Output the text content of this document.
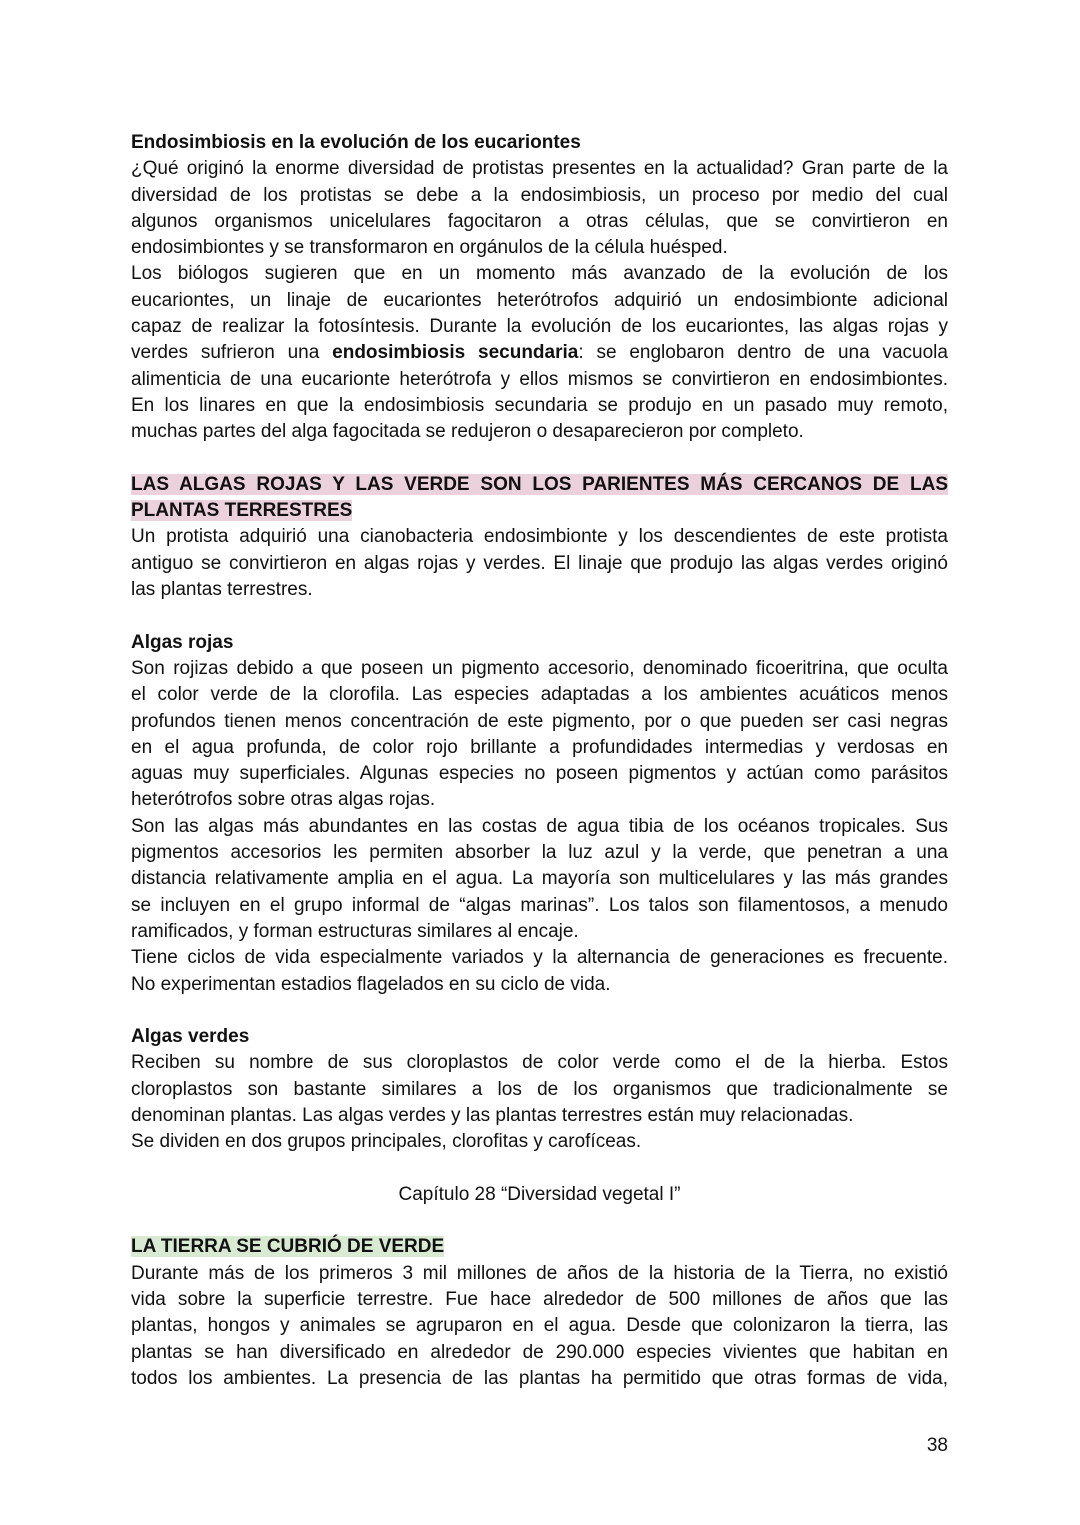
Endosimbiosis en la evolución de los eucariontes
¿Qué originó la enorme diversidad de protistas presentes en la actualidad? Gran parte de la
diversidad de los protistas se debe a la endosimbiosis, un proceso por medio del cual
algunos organismos unicelulares fagocitaron a otras células, que se convirtieron en
endosimbiontes y se transformaron en orgánulos de la célula huésped.
Los biólogos sugieren que en un momento más avanzado de la evolución de los
eucariontes, un linaje de eucariontes heterótrofos adquirió un endosimbionte adicional
capaz de realizar la fotosíntesis. Durante la evolución de los eucariontes, las algas rojas y
verdes sufrieron una endosimbiosis secundaria: se englobaron dentro de una vacuola
alimenticia de una eucarionte heterótrofa y ellos mismos se convirtieron en endosimbiontes.
En los linares en que la endosimbiosis secundaria se produjo en un pasado muy remoto,
muchas partes del alga fagocitada se redujeron o desaparecieron por completo.
LAS ALGAS ROJAS Y LAS VERDE SON LOS PARIENTES MÁS CERCANOS DE LAS
PLANTAS TERRESTRES
Un protista adquirió una cianobacteria endosimbionte y los descendientes de este protista
antiguo se convirtieron en algas rojas y verdes. El linaje que produjo las algas verdes originó
las plantas terrestres.
Algas rojas
Son rojizas debido a que poseen un pigmento accesorio, denominado ficoeritrina, que oculta
el color verde de la clorofila. Las especies adaptadas a los ambientes acuáticos menos
profundos tienen menos concentración de este pigmento, por o que pueden ser casi negras
en el agua profunda, de color rojo brillante a profundidades intermedias y verdosas en
aguas muy superficiales. Algunas especies no poseen pigmentos y actúan como parásitos
heterótrofos sobre otras algas rojas.
Son las algas más abundantes en las costas de agua tibia de los océanos tropicales. Sus
pigmentos accesorios les permiten absorber la luz azul y la verde, que penetran a una
distancia relativamente amplia en el agua. La mayoría son multicelulares y las más grandes
se incluyen en el grupo informal de “algas marinas”. Los talos son filamentosos, a menudo
ramificados, y forman estructuras similares al encaje.
Tiene ciclos de vida especialmente variados y la alternancia de generaciones es frecuente.
No experimentan estadios flagelados en su ciclo de vida.
Algas verdes
Reciben su nombre de sus cloroplastos de color verde como el de la hierba. Estos
cloroplastos son bastante similares a los de los organismos que tradicionalmente se
denominan plantas. Las algas verdes y las plantas terrestres están muy relacionadas.
Se dividen en dos grupos principales, clorofitas y carofíceas.
Capítulo 28 “Diversidad vegetal I”
LA TIERRA SE CUBRIÓ DE VERDE
Durante más de los primeros 3 mil millones de años de la historia de la Tierra, no existió
vida sobre la superficie terrestre. Fue hace alrededor de 500 millones de años que las
plantas, hongos y animales se agruparon en el agua. Desde que colonizaron la tierra, las
plantas se han diversificado en alrededor de 290.000 especies vivientes que habitan en
todos los ambientes. La presencia de las plantas ha permitido que otras formas de vida,
38
